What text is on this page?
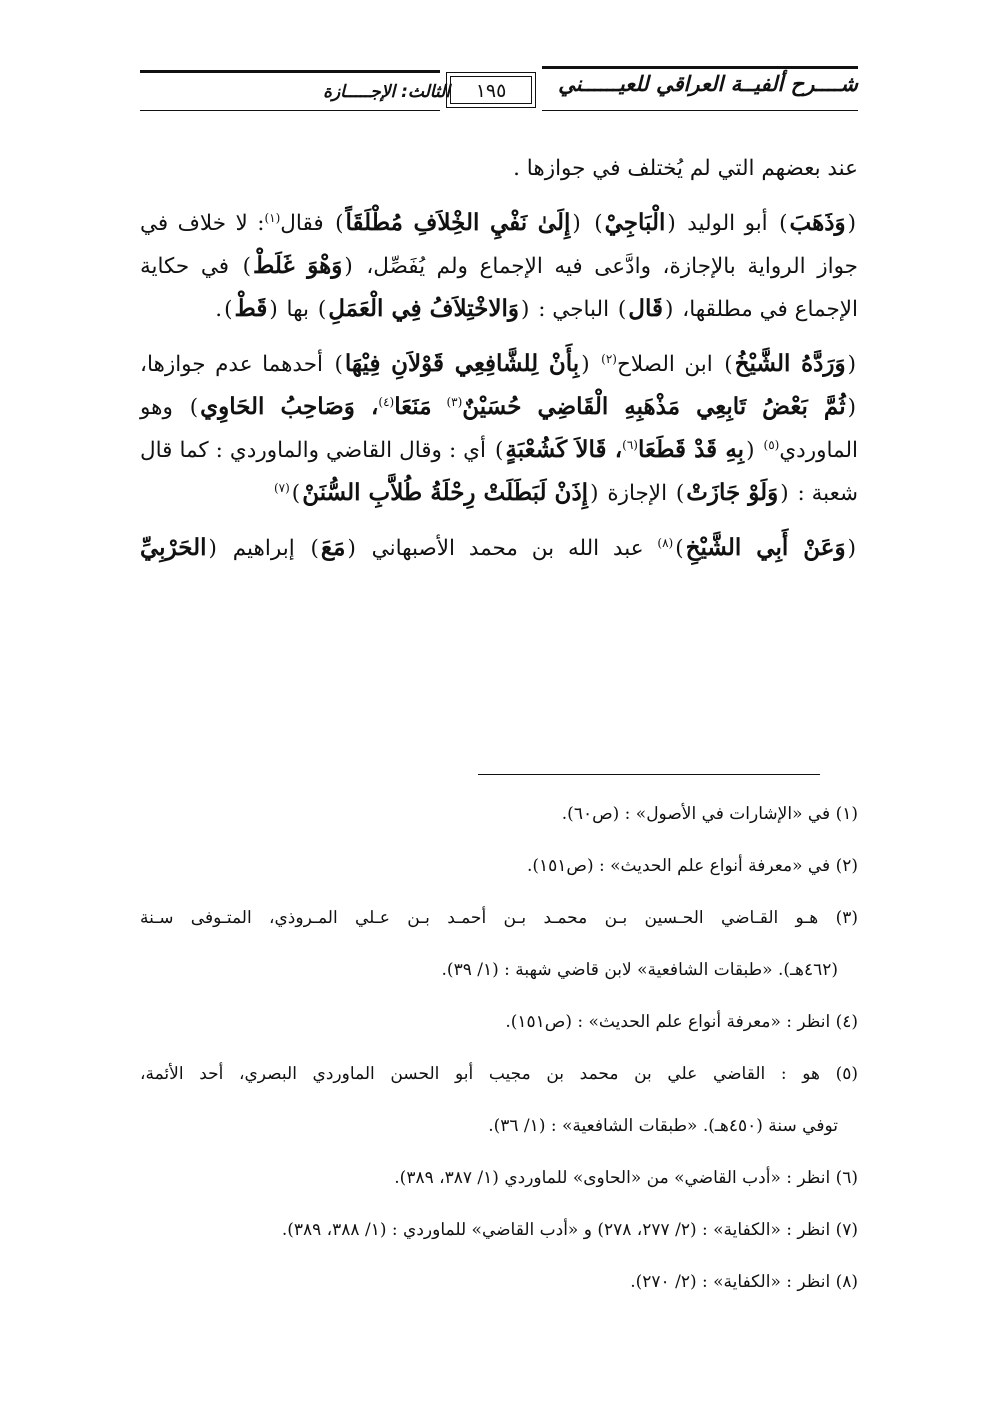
شــــرح ألفيــة العراقي للعيــــــني
١٩٥
الثالث: الإجـــــازة

عند بعضهم التي لم يُختلف في جوازها .

(وَذَهَبَ) أبو الوليد (الْبَاجِيْ) (إِلَىٰ نَفْيِ الخِْلاَفِ مُطْلَقَاً) فقال$^{(١)}$: لا خلاف في جواز الرواية بالإجازة، وادَّعى فيه الإجماع ولم يُفَصِّل، (وَهْوَ غَلَطْ) في حكاية الإجماع في مطلقها، (قَال) الباجي : (وَالاخْتِلاَفُ فِي الْعَمَلِ) بها (قَطْ).

(وَرَدَّهُ الشَّيْخُ) ابن الصلاح$^{(٢)}$ (بِأَنْ لِلشَّافِعِي قَوْلاَنِ فِيْهَا) أحدهما عدم جوازها، (ثُمَّ بَعْضُ تَابِعِي مَذْهَبِهِ الْقَاضِي حُسَيْنٌ$^{(٣)}$ مَنَعَا$^{(٤)}$، وَصَاحِبُ الحَاوِي) وهو الماوردي$^{(٥)}$ (بِهِ قَدْ قَطَعَا$^{(٦)}$، قَالاَ كَشُعْبَةٍ) أي : وقال القاضي والماوردي : كما قال شعبة : (وَلَوْ جَازَتْ) الإجازة (إِذَنْ لَبَطَلَتْ رِحْلَةُ طُلاَّبِ السُّنَنْ)$^{(٧)}$

(وَعَنْ أَبِي الشَّيْخِ)$^{(٨)}$ عبد الله بن محمد الأصبهاني (مَعَ) إبراهيم (الحَرْبِيِّ

(١) في «الإشارات في الأصول» : (ص٦٠).

(٢) في «معرفة أنواع علم الحديث» : (ص١٥١).

(٣) هـو القـاضي الحـسين بـن محمـد بـن أحمـد بـن عـلي المـروذي، المتـوفى سـنة

(٤٦٢هـ). «طبقات الشافعية» لابن قاضي شهبة : (١/ ٣٩).

(٤) انظر : «معرفة أنواع علم الحديث» : (ص١٥١).

(٥) هو : القاضي علي بن محمد بن مجيب أبو الحسن الماوردي البصري، أحد الأئمة،

توفي سنة (٤٥٠هـ). «طبقات الشافعية» : (١/ ٣٦).

(٦) انظر : «أدب القاضي» من «الحاوى» للماوردي (١/ ٣٨٧، ٣٨٩).

(٧) انظر : «الكفاية» : (٢/ ٢٧٧، ٢٧٨) و «أدب القاضي» للماوردي : (١/ ٣٨٨، ٣٨٩).

(٨) انظر : «الكفاية» : (٢/ ٢٧٠).
